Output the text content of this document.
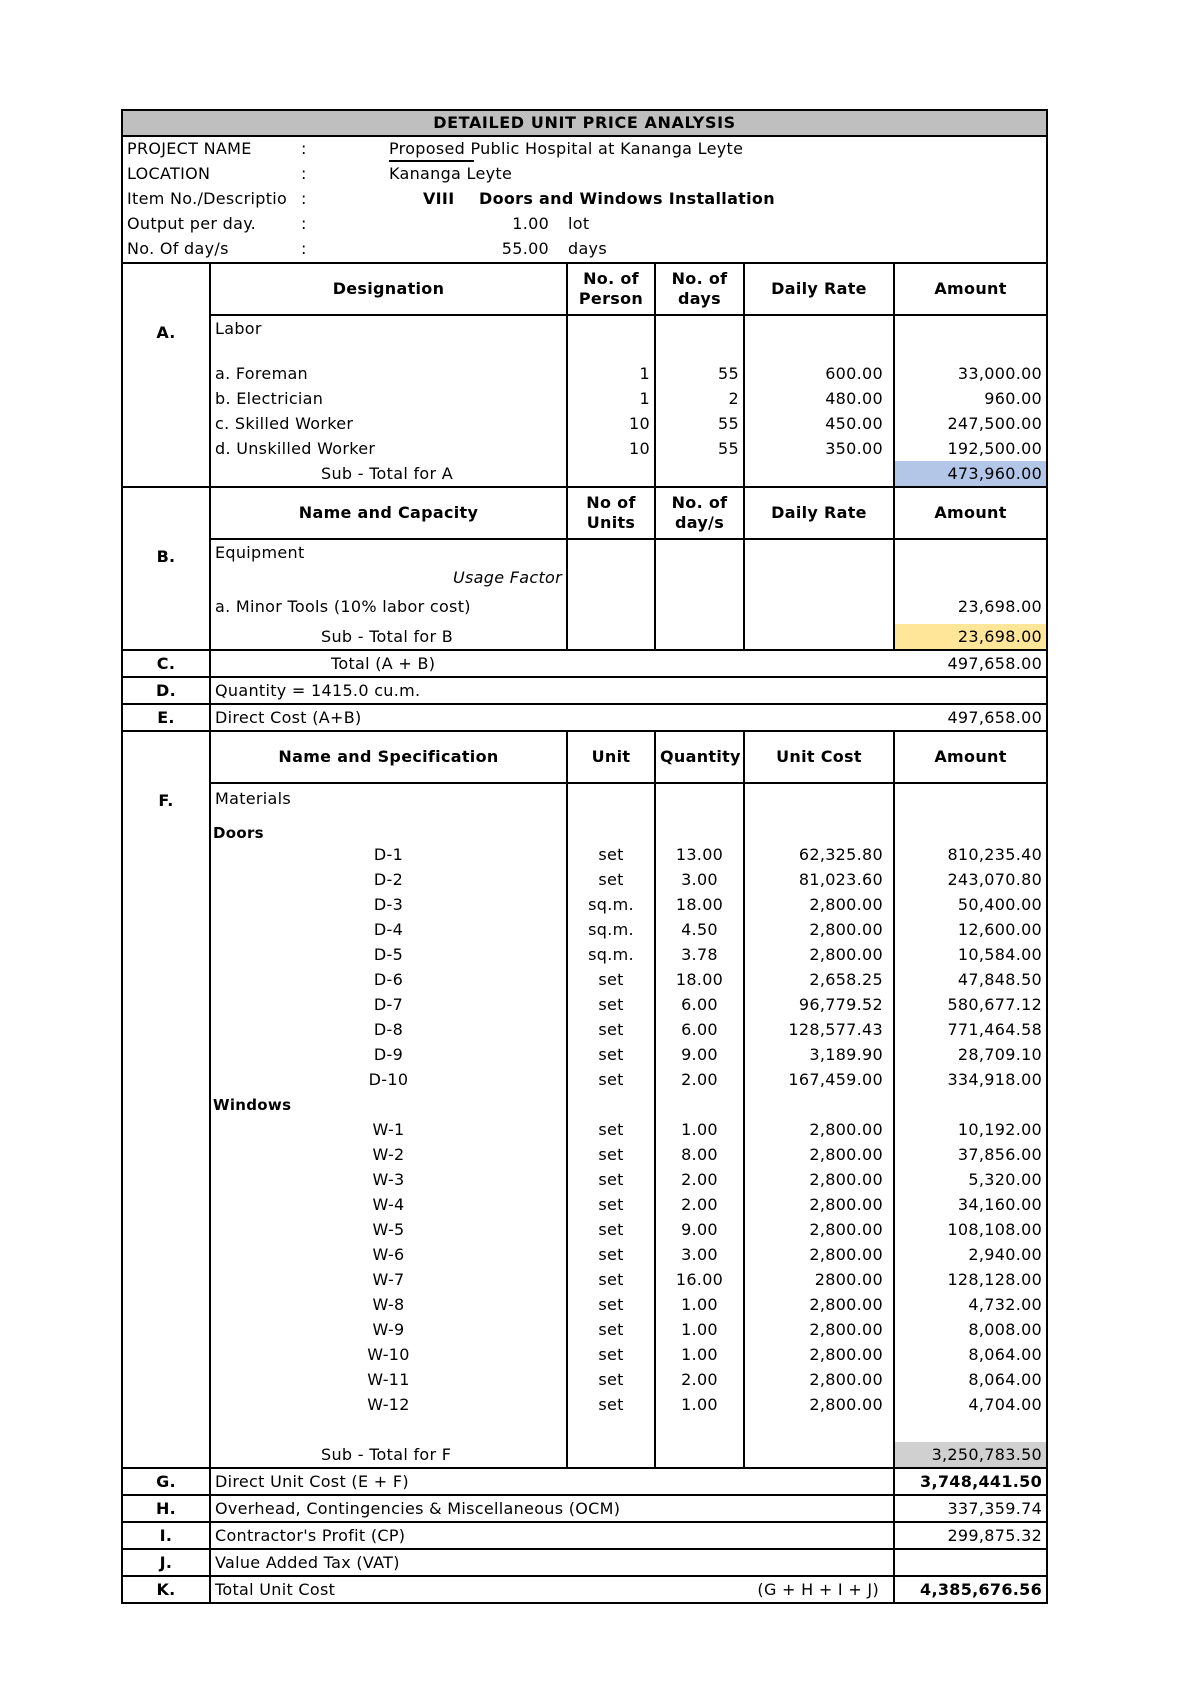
DETAILED UNIT PRICE ANALYSIS					

PROJECT NAME : Proposed Public Hospital at Kananga Leyte					

LOCATION : Kananga Leyte					

Item No./Descriptio : VIII Doors and Windows Installation					

Output per day. : 1.00 lot					

No. Of day/s : 55.00 days					

A.	Designation	No. of Person	No. of days	Daily Rate	Amount
	Labor				

	a. Foreman	1	55	600.00	33,000.00
	b. Electrician	1	2	480.00	960.00
	c. Skilled Worker	10	55	450.00	247,500.00
	d. Unskilled Worker	10	55	350.00	192,500.00
	Sub - Total for A				473,960.00
B.	Name and Capacity	No of Units	No. of day/s	Daily Rate	Amount
	Equipment				
	Usage Factor				
	a. Minor Tools (10% labor cost)				23,698.00
	Sub - Total for B				23,698.00
C.	Total (A + B)				497,658.00
D.	Quantity = 1415.0 cu.m.				
E.	Direct Cost (A+B)				497,658.00
F.	Name and Specification	Unit	Quantity	Unit Cost	Amount
	Materials				
	Doors				
	D-1	set	13.00	62,325.80	810,235.40
	D-2	set	3.00	81,023.60	243,070.80
	D-3	sq.m.	18.00	2,800.00	50,400.00
	D-4	sq.m.	4.50	2,800.00	12,600.00
	D-5	sq.m.	3.78	2,800.00	10,584.00
	D-6	set	18.00	2,658.25	47,848.50
	D-7	set	6.00	96,779.52	580,677.12
	D-8	set	6.00	128,577.43	771,464.58
	D-9	set	9.00	3,189.90	28,709.10
	D-10	set	2.00	167,459.00	334,918.00
	Windows				
	W-1	set	1.00	2,800.00	10,192.00
	W-2	set	8.00	2,800.00	37,856.00
	W-3	set	2.00	2,800.00	5,320.00
	W-4	set	2.00	2,800.00	34,160.00
	W-5	set	9.00	2,800.00	108,108.00
	W-6	set	3.00	2,800.00	2,940.00
	W-7	set	16.00	2800.00	128,128.00
	W-8	set	1.00	2,800.00	4,732.00
	W-9	set	1.00	2,800.00	8,008.00
	W-10	set	1.00	2,800.00	8,064.00
	W-11	set	2.00	2,800.00	8,064.00
	W-12	set	1.00	2,800.00	4,704.00

	Sub - Total for F				3,250,783.50
G.	Direct Unit Cost (E + F)				3,748,441.50
H.	Overhead, Contingencies & Miscellaneous (OCM)				337,359.74
I.	Contractor's Profit (CP)				299,875.32
J.	Value Added Tax (VAT)				
K.	Total Unit Cost			(G + H + I + J)	4,385,676.56
